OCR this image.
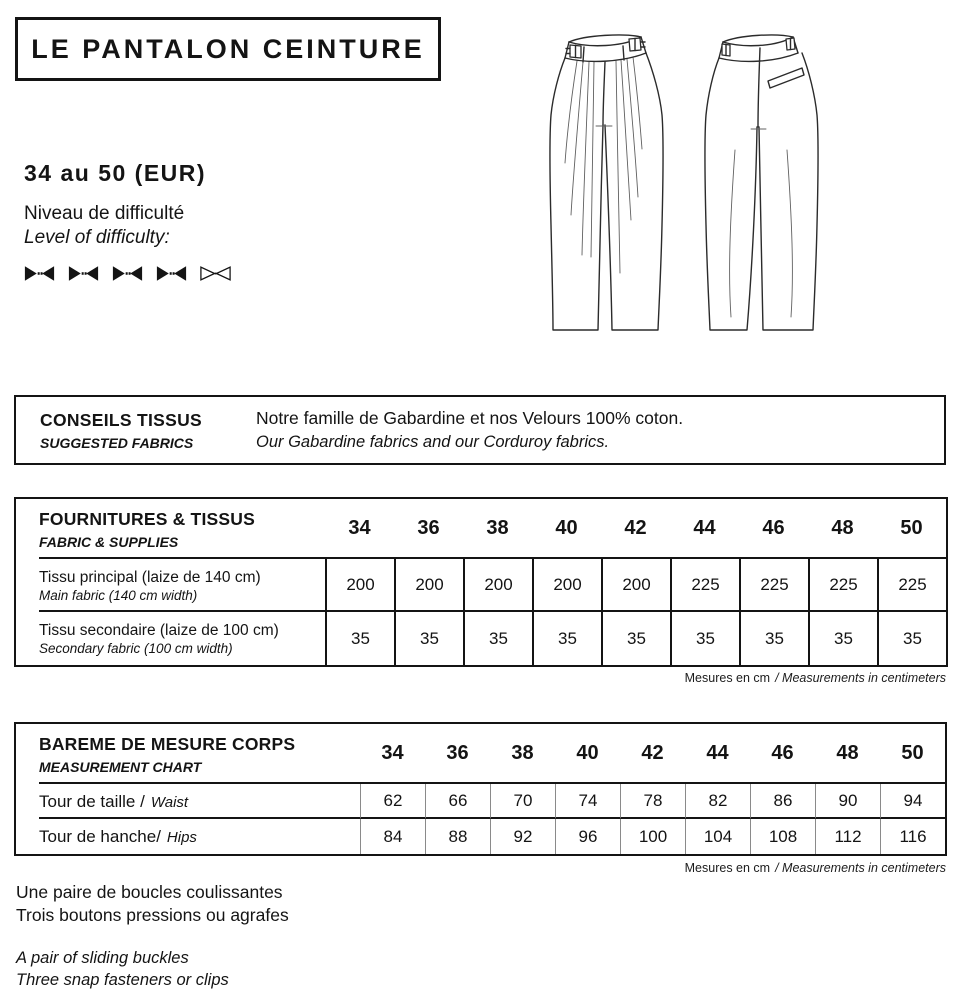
LE PANTALON CEINTURE
34 au 50 (EUR)
Niveau de difficulté
Level of difficulty:
CONSEILS TISSUS
SUGGESTED FABRICS
Notre famille de Gabardine et nos Velours 100% coton.
Our Gabardine fabrics and our Corduroy fabrics.
FOURNITURES & TISSUS
FABRIC & SUPPLIES	34	36	38	40	42	44	46	48	50

Tissu principal (laize de 140 cm)
Main fabric (140 cm width)	200	200	200	200	200	225	225	225	225

Tissu secondaire (laize de 100 cm)
Secondary fabric (100 cm width)	35	35	35	35	35	35	35	35	35
Mesures en cm / Measurements in centimeters
BAREME DE MESURE CORPS
MEASUREMENT CHART	34	36	38	40	42	44	46	48	50
Tour de taille / Waist	62	66	70	74	78	82	86	90	94
Tour de hanche/ Hips	84	88	92	96	100	104	108	112	116
Mesures en cm / Measurements in centimeters
Une paire de boucles coulissantes
Trois boutons pressions ou agrafes
A pair of sliding buckles
Three snap fasteners or clips
